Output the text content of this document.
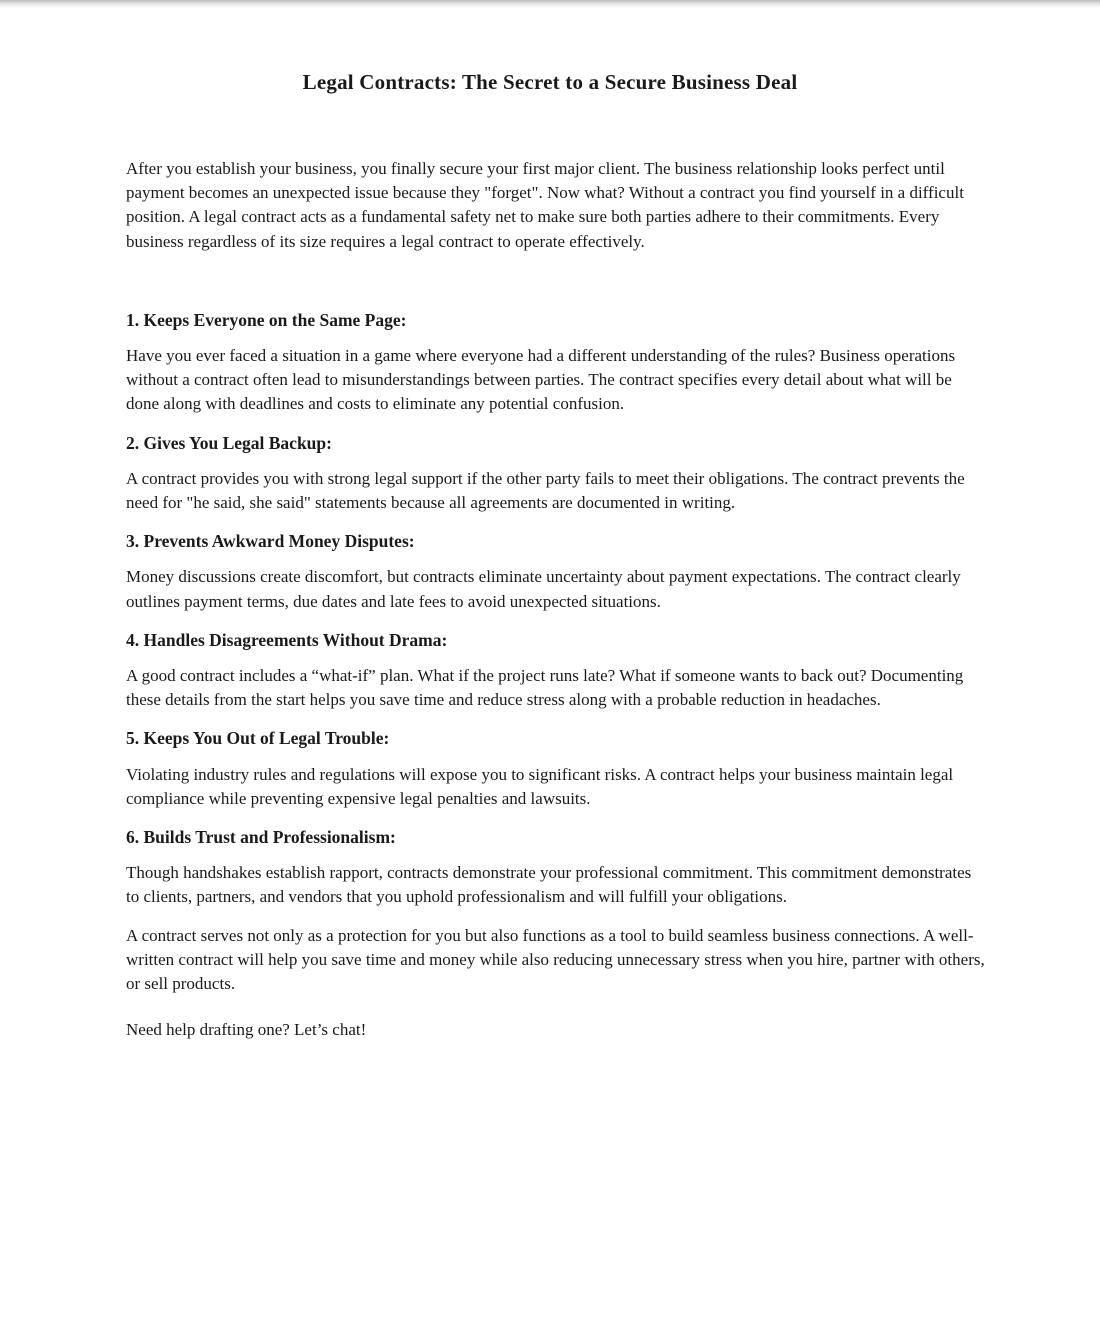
Legal Contracts: The Secret to a Secure Business Deal

After you establish your business, you finally secure your first major client. The business relationship looks perfect until payment becomes an unexpected issue because they "forget". Now what? Without a contract you find yourself in a difficult position. A legal contract acts as a fundamental safety net to make sure both parties adhere to their commitments. Every business regardless of its size requires a legal contract to operate effectively.

1. Keeps Everyone on the Same Page:

Have you ever faced a situation in a game where everyone had a different understanding of the rules? Business operations without a contract often lead to misunderstandings between parties. The contract specifies every detail about what will be done along with deadlines and costs to eliminate any potential confusion.

2. Gives You Legal Backup:

A contract provides you with strong legal support if the other party fails to meet their obligations. The contract prevents the need for "he said, she said" statements because all agreements are documented in writing.

3. Prevents Awkward Money Disputes:

Money discussions create discomfort, but contracts eliminate uncertainty about payment expectations. The contract clearly outlines payment terms, due dates and late fees to avoid unexpected situations.

4. Handles Disagreements Without Drama:

A good contract includes a “what-if” plan. What if the project runs late? What if someone wants to back out? Documenting these details from the start helps you save time and reduce stress along with a probable reduction in headaches.

5. Keeps You Out of Legal Trouble:

Violating industry rules and regulations will expose you to significant risks. A contract helps your business maintain legal compliance while preventing expensive legal penalties and lawsuits.

6. Builds Trust and Professionalism:

Though handshakes establish rapport, contracts demonstrate your professional commitment. This commitment demonstrates to clients, partners, and vendors that you uphold professionalism and will fulfill your obligations.

A contract serves not only as a protection for you but also functions as a tool to build seamless business connections. A well-written contract will help you save time and money while also reducing unnecessary stress when you hire, partner with others, or sell products.

Need help drafting one? Let’s chat!
